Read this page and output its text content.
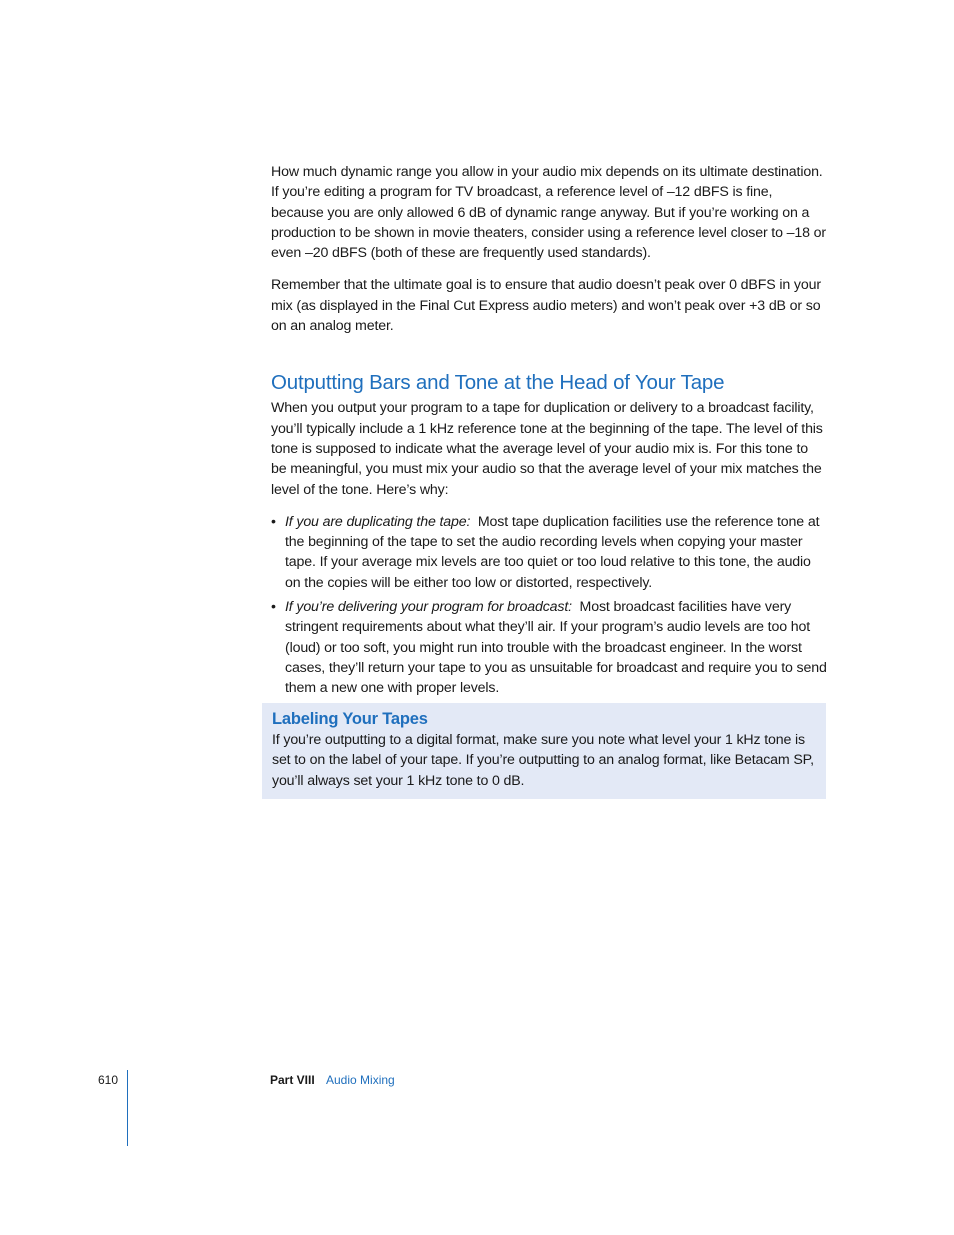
How much dynamic range you allow in your audio mix depends on its ultimate destination. If you’re editing a program for TV broadcast, a reference level of –12 dBFS is fine, because you are only allowed 6 dB of dynamic range anyway. But if you’re working on a production to be shown in movie theaters, consider using a reference level closer to –18 or even –20 dBFS (both of these are frequently used standards).

Remember that the ultimate goal is to ensure that audio doesn’t peak over 0 dBFS in your mix (as displayed in the Final Cut Express audio meters) and won’t peak over +3 dB or so on an analog meter.

Outputting Bars and Tone at the Head of Your Tape

When you output your program to a tape for duplication or delivery to a broadcast facility, you’ll typically include a 1 kHz reference tone at the beginning of the tape. The level of this tone is supposed to indicate what the average level of your audio mix is. For this tone to be meaningful, you must mix your audio so that the average level of your mix matches the level of the tone. Here’s why:

• If you are duplicating the tape: Most tape duplication facilities use the reference tone at the beginning of the tape to set the audio recording levels when copying your master tape. If your average mix levels are too quiet or too loud relative to this tone, the audio on the copies will be either too low or distorted, respectively.
• If you’re delivering your program for broadcast: Most broadcast facilities have very stringent requirements about what they’ll air. If your program’s audio levels are too hot (loud) or too soft, you might run into trouble with the broadcast engineer. In the worst cases, they’ll return your tape to you as unsuitable for broadcast and require you to send them a new one with proper levels.
Labeling Your Tapes

If you’re outputting to a digital format, make sure you note what level your 1 kHz tone is set to on the label of your tape. If you’re outputting to an analog format, like Betacam SP, you’ll always set your 1 kHz tone to 0 dB.

610	Part VIII Audio Mixing
